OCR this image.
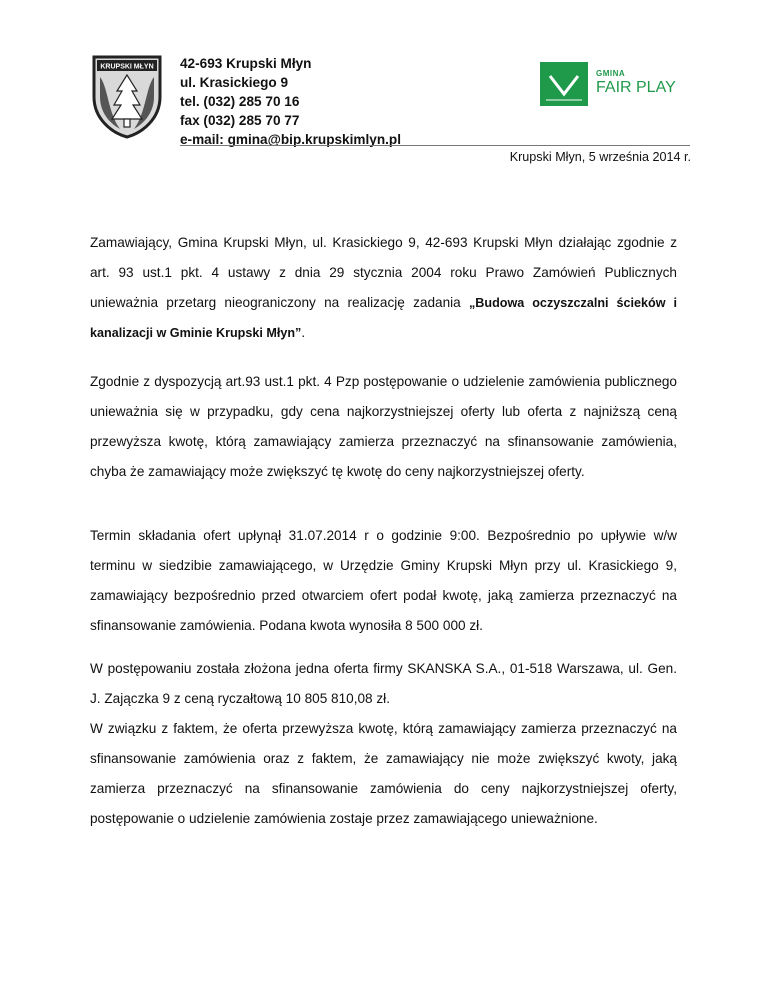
KRUPSKI MŁYN 42-693 Krupski Młyn
ul. Krasickiego 9
tel. (032) 285 70 16
fax (032) 285 70 77
e-mail: gmina@bip.krupskimlyn.pl
GMINA
FAIR PLAY
Krupski Młyn, 5 września 2014 r.

Zamawiający, Gmina Krupski Młyn, ul. Krasickiego 9, 42-693 Krupski Młyn działając zgodnie z art. 93 ust.1 pkt. 4 ustawy z dnia 29 stycznia 2004 roku Prawo Zamówień Publicznych unieważnia przetarg nieograniczony na realizację zadania „Budowa oczyszczalni ścieków i kanalizacji w Gminie Krupski Młyn”.

Zgodnie z dyspozycją art.93 ust.1 pkt. 4 Pzp postępowanie o udzielenie zamówienia publicznego unieważnia się w przypadku, gdy cena najkorzystniejszej oferty lub oferta z najniższą ceną przewyższa kwotę, którą zamawiający zamierza przeznaczyć na sfinansowanie zamówienia, chyba że zamawiający może zwiększyć tę kwotę do ceny najkorzystniejszej oferty.

Termin składania ofert upłynął 31.07.2014 r o godzinie 9:00. Bezpośrednio po upływie w/w terminu w siedzibie zamawiającego, w Urzędzie Gminy Krupski Młyn przy ul. Krasickiego 9, zamawiający bezpośrednio przed otwarciem ofert podał kwotę, jaką zamierza przeznaczyć na sfinansowanie zamówienia. Podana kwota wynosiła 8 500 000 zł.

W postępowaniu została złożona jedna oferta firmy SKANSKA S.A., 01-518 Warszawa, ul. Gen. J. Zajączka 9 z ceną ryczałtową 10 805 810,08 zł.

W związku z faktem, że oferta przewyższa kwotę, którą zamawiający zamierza przeznaczyć na sfinansowanie zamówienia oraz z faktem, że zamawiający nie może zwiększyć kwoty, jaką zamierza przeznaczyć na sfinansowanie zamówienia do ceny najkorzystniejszej oferty, postępowanie o udzielenie zamówienia zostaje przez zamawiającego unieważnione.
